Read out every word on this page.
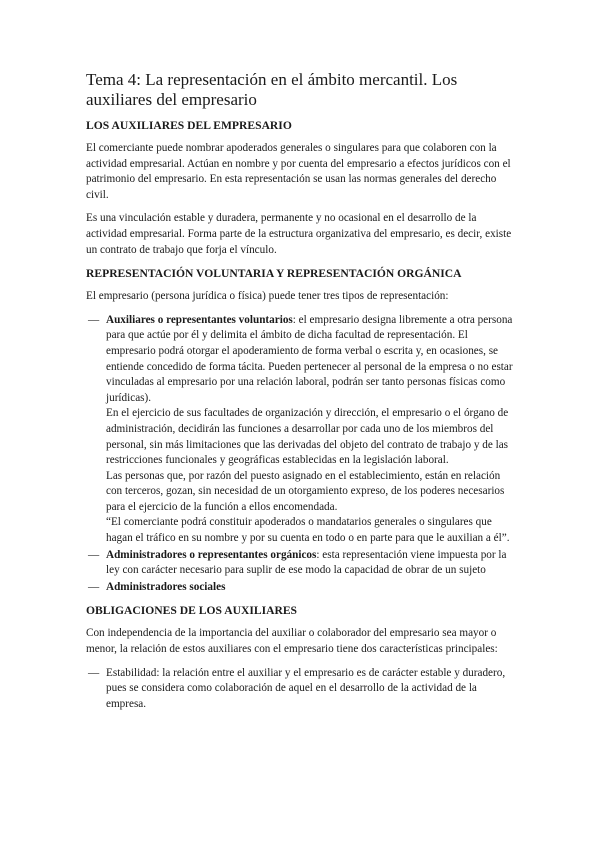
Tema 4: La representación en el ámbito mercantil. Los auxiliares del empresario
LOS AUXILIARES DEL EMPRESARIO

El comerciante puede nombrar apoderados generales o singulares para que colaboren con la actividad empresarial. Actúan en nombre y por cuenta del empresario a efectos jurídicos con el patrimonio del empresario. En esta representación se usan las normas generales del derecho civil.

Es una vinculación estable y duradera, permanente y no ocasional en el desarrollo de la actividad empresarial. Forma parte de la estructura organizativa del empresario, es decir, existe un contrato de trabajo que forja el vínculo.

REPRESENTACIÓN VOLUNTARIA Y REPRESENTACIÓN ORGÁNICA

El empresario (persona jurídica o física) puede tener tres tipos de representación:

— Auxiliares o representantes voluntarios: el empresario designa libremente a otra persona para que actúe por él y delimita el ámbito de dicha facultad de representación. El empresario podrá otorgar el apoderamiento de forma verbal o escrita y, en ocasiones, se entiende concedido de forma tácita. Pueden pertenecer al personal de la empresa o no estar vinculadas al empresario por una relación laboral, podrán ser tanto personas físicas como jurídicas).
En el ejercicio de sus facultades de organización y dirección, el empresario o el órgano de administración, decidirán las funciones a desarrollar por cada uno de los miembros del personal, sin más limitaciones que las derivadas del objeto del contrato de trabajo y de las restricciones funcionales y geográficas establecidas en la legislación laboral.
Las personas que, por razón del puesto asignado en el establecimiento, están en relación con terceros, gozan, sin necesidad de un otorgamiento expreso, de los poderes necesarios para el ejercicio de la función a ellos encomendada.
“El comerciante podrá constituir apoderados o mandatarios generales o singulares que hagan el tráfico en su nombre y por su cuenta en todo o en parte para que le auxilian a él”.
— Administradores o representantes orgánicos: esta representación viene impuesta por la ley con carácter necesario para suplir de ese modo la capacidad de obrar de un sujeto
— Administradores sociales
OBLIGACIONES DE LOS AUXILIARES

Con independencia de la importancia del auxiliar o colaborador del empresario sea mayor o menor, la relación de estos auxiliares con el empresario tiene dos características principales:

— Estabilidad: la relación entre el auxiliar y el empresario es de carácter estable y duradero, pues se considera como colaboración de aquel en el desarrollo de la actividad de la empresa.
